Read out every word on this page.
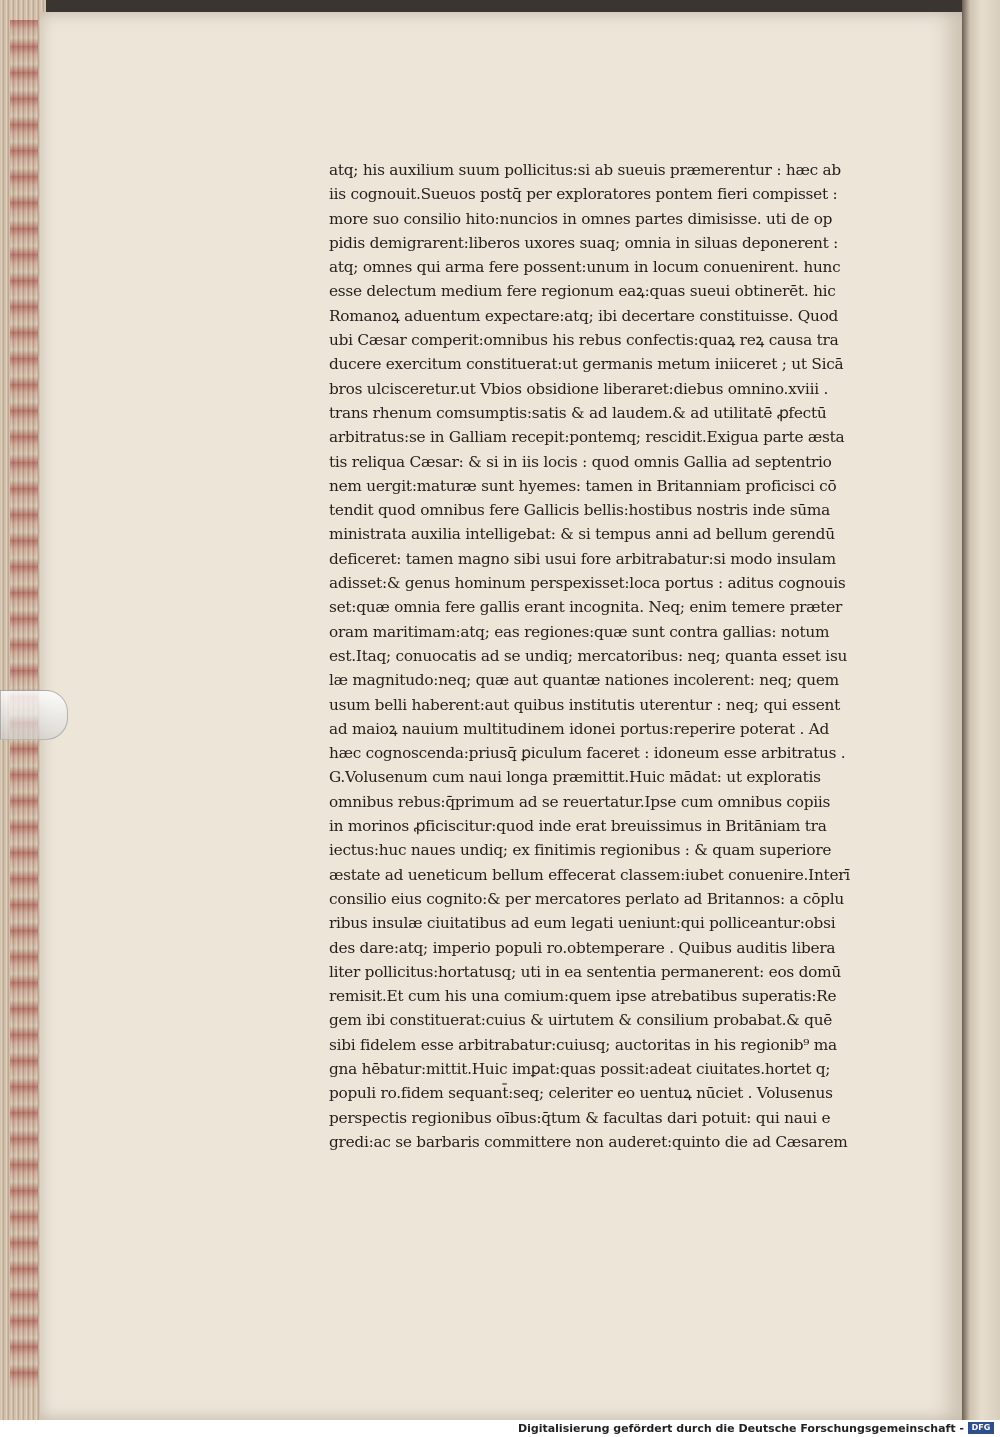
atq; his auxilium suum pollicitus:si ab sueuis præmerentur : hæc ab
iis cognouit.Sueuos postq̄ per exploratores pontem fieri compisset :
more suo consilio hito:nuncios in omnes partes dimisisse. uti de op
pidis demigrarent:liberos uxores suaq; omnia in siluas deponerent :
atq; omnes qui arma fere possent:unum in locum conuenirent. hunc
esse delectum medium fere regionum eaꝝ:quas sueui obtinerēt. hic
Romanoꝝ aduentum expectare:atq; ibi decertare constituisse. Quod
ubi Cæsar comperit:omnibus his rebus confectis:quaꝝ reꝝ causa tra
ducere exercitum constituerat:ut germanis metum iniiceret ; ut Sicā
bros ulcisceretur.ut Vbios obsidione liberaret:diebus omnino.xviii .
trans rhenum comsumptis:satis & ad laudem.& ad utilitatē ꝓfectū
arbitratus:se in Galliam recepit:pontemq; rescidit.Exigua parte æsta
tis reliqua Cæsar: & si in iis locis : quod omnis Gallia ad septentrio
nem uergit:maturæ sunt hyemes: tamen in Britanniam proficisci cō
tendit quod omnibus fere Gallicis bellis:hostibus nostris inde sūma
ministrata auxilia intelligebat: & si tempus anni ad bellum gerendū
deficeret: tamen magno sibi usui fore arbitrabatur:si modo insulam
adisset:& genus hominum perspexisset:loca portus : aditus cognouis
set:quæ omnia fere gallis erant incognita. Neq; enim temere præter
oram maritimam:atq; eas regiones:quæ sunt contra gallias: notum
est.Itaq; conuocatis ad se undiq; mercatoribus: neq; quanta esset isu
læ magnitudo:neq; quæ aut quantæ nationes incolerent: neq; quem
usum belli haberent:aut quibus institutis uterentur : neq; qui essent
ad maioꝝ nauium multitudinem idonei portus:reperire poterat . Ad
hæc cognoscenda:priusq̄ ꝑiculum faceret : idoneum esse arbitratus .
G.Volusenum cum naui longa præmittit.Huic mādat: ut exploratis
omnibus rebus:q̄primum ad se reuertatur.Ipse cum omnibus copiis
in morinos ꝓficiscitur:quod inde erat breuissimus in Britāniam tra
iectus:huc naues undiq; ex finitimis regionibus : & quam superiore
æstate ad ueneticum bellum effecerat classem:iubet conuenire.Interī
consilio eius cognito:& per mercatores perlato ad Britannos: a cōplu
ribus insulæ ciuitatibus ad eum legati ueniunt:qui polliceantur:obsi
des dare:atq; imperio populi ro.obtemperare . Quibus auditis libera
liter pollicitus:hortatusq; uti in ea sententia permanerent: eos domū
remisit.Et cum his una comium:quem ipse atrebatibus superatis:Re
gem ibi constituerat:cuius & uirtutem & consilium probabat.& quē
sibi fidelem esse arbitrabatur:cuiusq; auctoritas in his regionib⁹ ma
gna hēbatur:mittit.Huic imꝑat:quas possit:adeat ciuitates.hortet q;
populi ro.fidem sequant̄:seq; celeriter eo uentuꝝ nūciet . Volusenus
perspectis regionibus oībus:q̄tum & facultas dari potuit: qui naui e
gredi:ac se barbaris committere non auderet:quinto die ad Cæsarem
Digitalisierung gefördert durch die Deutsche Forschungsgemeinschaft - DFG
